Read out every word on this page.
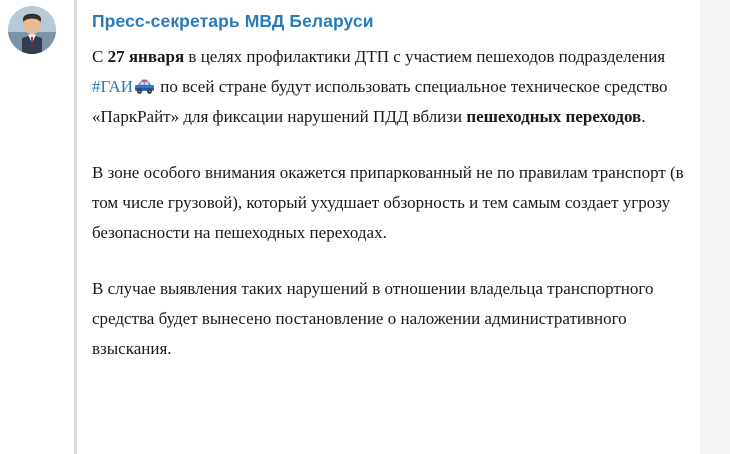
Пресс-секретарь МВД Беларуси
С 27 января в целях профилактики ДТП с участием пешеходов подразделения #ГАИ
по всей стране будут использовать специальное техническое средство «ПаркРайт» для фиксации нарушений ПДД вблизи пешеходных переходов.
В зоне особого внимания окажется припаркованный не по правилам транспорт (в том числе грузовой), который ухудшает обзорность и тем самым создает угрозу безопасности на пешеходных переходах.
В случае выявления таких нарушений в отношении владельца транспортного средства будет вынесено постановление о наложении административного взыскания.
